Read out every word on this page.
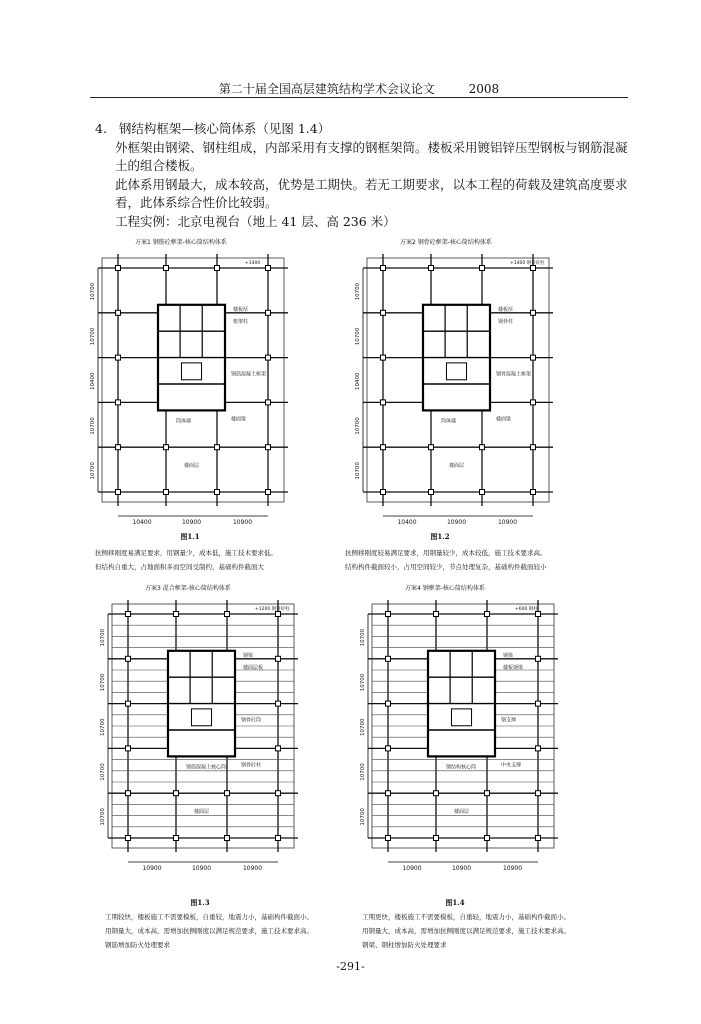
第二十届全国高层建筑结构学术会议论文	2008
4. 钢结构框架—核心筒体系（见图 1.4）
外框架由钢梁、钢柱组成，内部采用有支撑的钢框架筒。楼板采用镀铝锌压型钢板与钢筋混凝
土的组合楼板。
此体系用钢最大，成本较高，优势是工期快。若无工期要求，以本工程的荷载及建筑高度要求
看，此体系综合性价比较弱。
工程实例：北京电视台（地上 41 层、高 236 米）
方案1 钢筋砼框架-核心筒结构体系
+1400
楼板厚
框架柱
钢筋混凝土框架
楼面梁
筒体墙
楼面层
10700
10700
10400
10700
10700
10400	10900	10900
图1.1
抗侧移刚度易满足要求，用钢量少，成本低，施工技术要求低。
但结构自重大，占地面积多而空间受制约，基础构件截面大
方案2 钢骨砼框架-核心筒结构体系
+1400 钢骨砼柱
楼板厚
钢骨柱
钢骨混凝土框架
楼面梁
筒体墙
楼面层
10700
10700
10400
10700
10700
10400	10900	10900
图1.2
抗侧移刚度较易满足要求，用钢量较少，成本较低，施工技术要求高。
结构构件截面较小，占用空间较少，节点处理复杂，基础构件截面较小
方案3 混合框架-核心筒结构体系
+1200 钢骨砼柱
钢梁
楼面层板
钢骨砼筒
钢骨砼柱
钢筋混凝土核心筒
楼面层
10700
10700
10700
10700
10700
10900	10900	10900
图1.3
工期较快，楼板施工不需要模板，自重较，地震力小，基础构件截面小。
用钢量大，成本高，需增加抗侧刚度以满足规范要求，施工技术要求高。
钢筋增加防火处理要求
方案4 钢框架-核心筒结构体系
+600 钢柱
钢梁
楼板钢梁
钢支撑
中央支撑
钢结构核心筒
楼面层
10700
10700
10700
10700
10700
10900	10900	10900
图1.4
工期更快，楼板施工不需要模板，自重轻，地震力小，基础构件截面小。
用钢量大，成本高，需增加抗侧刚度以满足规范要求，施工技术要求高。
钢梁、钢柱增加防火处理要求
-291-
